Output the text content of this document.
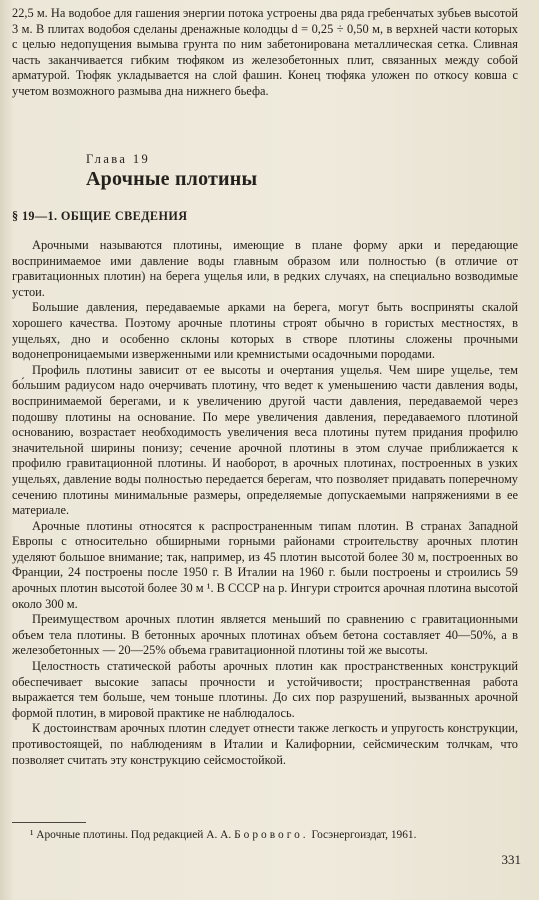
22,5 м. На водобое для гашения энергии потока устроены два ряда гребенчатых зубьев высотой 3 м. В плитах водобоя сделаны дренажные колодцы d = 0,25 ÷ 0,50 м, в верхней части которых с целью недопущения вымыва грунта по ним забетонирована металлическая сетка. Сливная часть заканчивается гибким тюфяком из железобетонных плит, связанных между собой арматурой. Тюфяк укладывается на слой фашин. Конец тюфяка уложен по откосу ковша с учетом возможного размыва дна нижнего бьефа.

Глава 19
Арочные плотины
§ 19—1. ОБЩИЕ СВЕДЕНИЯ

Арочными называются плотины, имеющие в плане форму арки и передающие воспринимаемое ими давление воды главным образом или полностью (в отличие от гравитационных плотин) на берега ущелья или, в редких случаях, на специально возводимые устои.

Большие давления, передаваемые арками на берега, могут быть восприняты скалой хорошего качества. Поэтому арочные плотины строят обычно в гористых местностях, в ущельях, дно и особенно склоны которых в створе плотины сложены прочными водонепроницаемыми изверженными или кремнистыми осадочными породами.

Профиль плотины зависит от ее высоты и очертания ущелья. Чем шире ущелье, тем бо́льшим радиусом надо очерчивать плотину, что ведет к уменьшению части давления воды, воспринимаемой берегами, и к увеличению другой части давления, передаваемой через подошву плотины на основание. По мере увеличения давления, передаваемого плотиной основанию, возрастает необходимость увеличения веса плотины путем придания профилю значительной ширины понизу; сечение арочной плотины в этом случае приближается к профилю гравитационной плотины. И наоборот, в арочных плотинах, построенных в узких ущельях, давление воды полностью передается берегам, что позволяет придавать поперечному сечению плотины минимальные размеры, определяемые допускаемыми напряжениями в ее материале.

Арочные плотины относятся к распространенным типам плотин. В странах Западной Европы с относительно обширными горными районами строительству арочных плотин уделяют большое внимание; так, например, из 45 плотин высотой более 30 м, построенных во Франции, 24 построены после 1950 г. В Италии на 1960 г. были построены и строились 59 арочных плотин высотой более 30 м ¹. В СССР на р. Ингури строится арочная плотина высотой около 300 м.

Преимуществом арочных плотин является меньший по сравнению с гравитационными объем тела плотины. В бетонных арочных плотинах объем бетона составляет 40—50%, а в железобетонных — 20—25% объема гравитационной плотины той же высоты.

Целостность статической работы арочных плотин как пространственных конструкций обеспечивает высокие запасы прочности и устойчивости; пространственная работа выражается тем больше, чем тоньше плотины. До сих пор разрушений, вызванных арочной формой плотин, в мировой практике не наблюдалось.

К достоинствам арочных плотин следует отнести также легкость и упругость конструкции, противостоящей, по наблюдениям в Италии и Калифорнии, сейсмическим толчкам, что позволяет считать эту конструкцию сейсмостойкой.

¹ Арочные плотины. Под редакцией А. А. Борового. Госэнергоиздат, 1961.
331
